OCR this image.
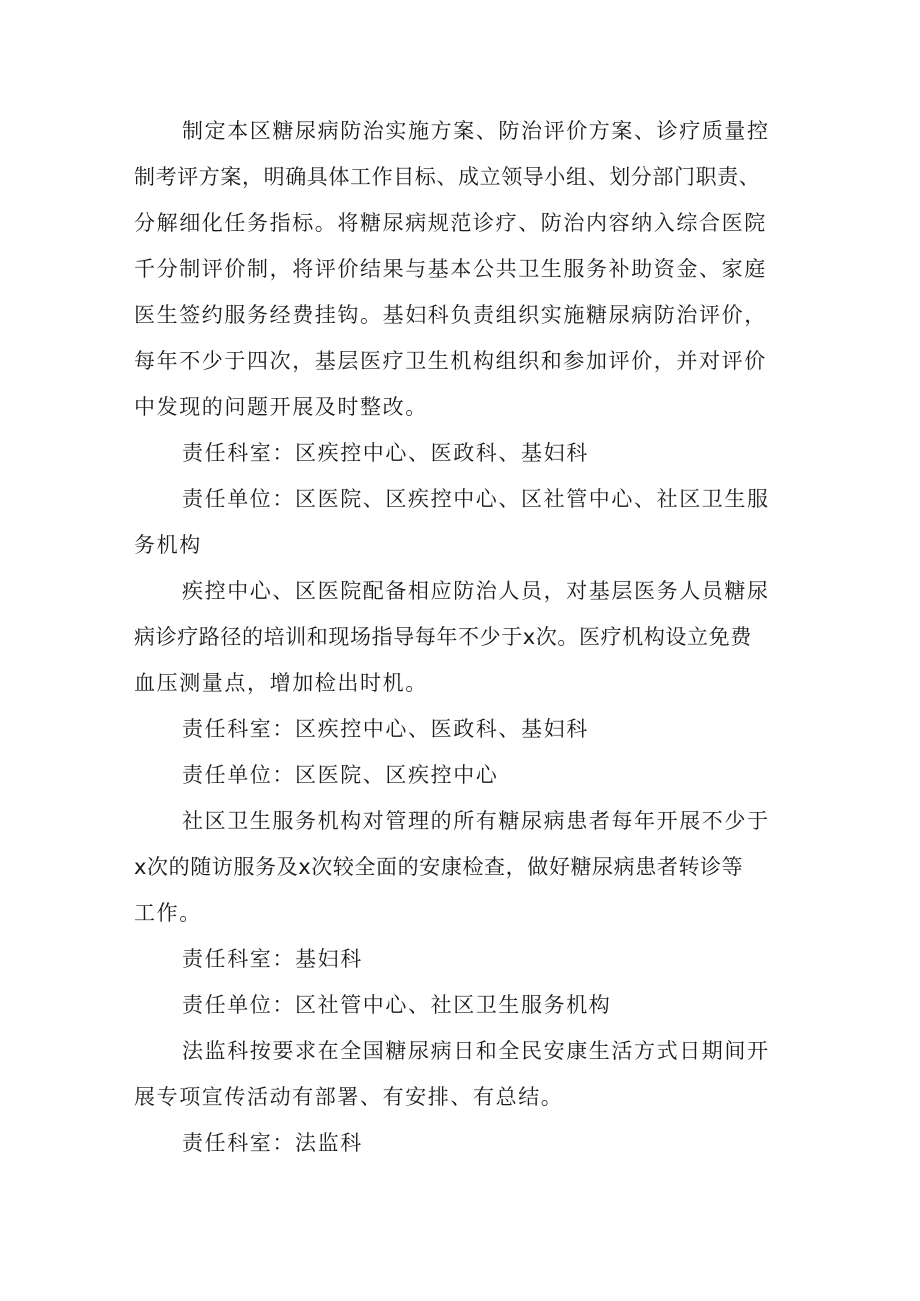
制定本区糖尿病防治实施方案、防治评价方案、诊疗质量控

制考评方案，明确具体工作目标、成立领导小组、划分部门职责、

分解细化任务指标。将糖尿病规范诊疗、防治内容纳入综合医院

千分制评价制，将评价结果与基本公共卫生服务补助资金、家庭

医生签约服务经费挂钩。基妇科负责组织实施糖尿病防治评价，

每年不少于四次，基层医疗卫生机构组织和参加评价，并对评价

中发现的问题开展及时整改。

责任科室：区疾控中心、医政科、基妇科

责任单位：区医院、区疾控中心、区社管中心、社区卫生服

务机构

疾控中心、区医院配备相应防治人员，对基层医务人员糖尿

病诊疗路径的培训和现场指导每年不少于x次。医疗机构设立免费

血压测量点，增加检出时机。

责任科室：区疾控中心、医政科、基妇科

责任单位：区医院、区疾控中心

社区卫生服务机构对管理的所有糖尿病患者每年开展不少于

x次的随访服务及x次较全面的安康检查，做好糖尿病患者转诊等

工作。

责任科室：基妇科

责任单位：区社管中心、社区卫生服务机构

法监科按要求在全国糖尿病日和全民安康生活方式日期间开

展专项宣传活动有部署、有安排、有总结。

责任科室：法监科
